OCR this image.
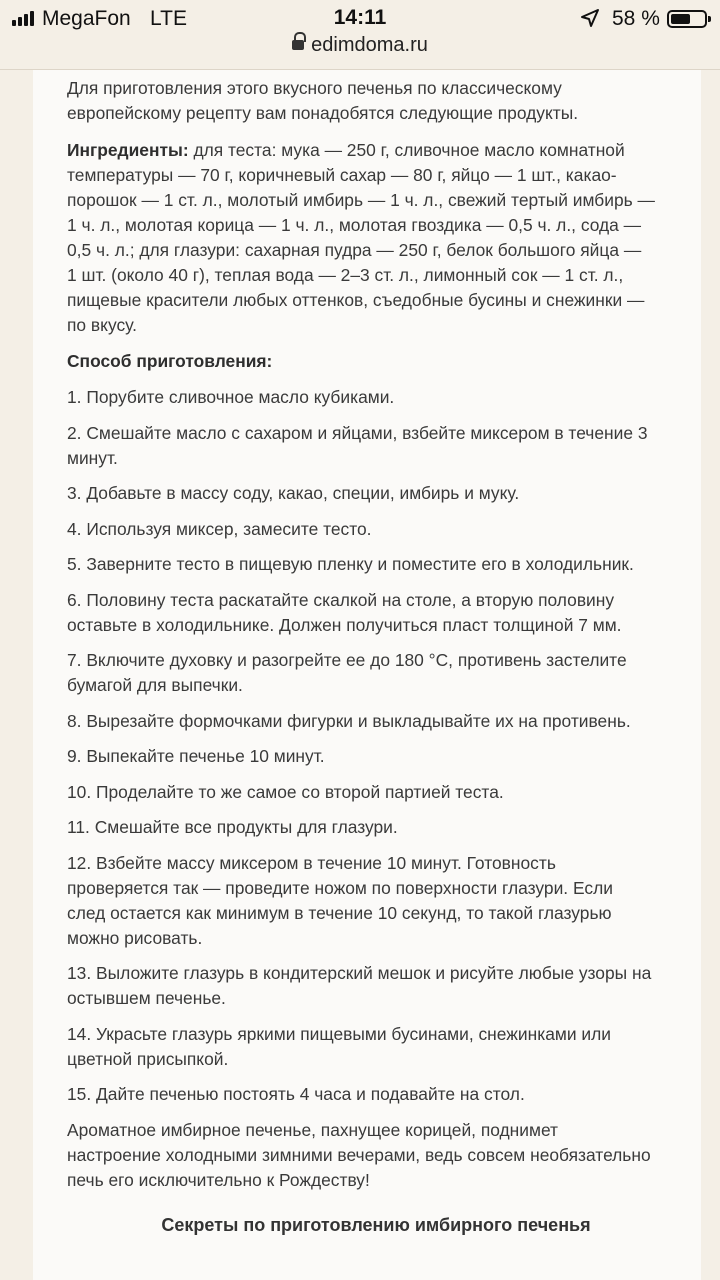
MegaFon LTE	14:11	58 %
edimdoma.ru

Для приготовления этого вкусного печенья по классическому европейскому рецепту вам понадобятся следующие продукты.

Ингредиенты: для теста: мука — 250 г, сливочное масло комнатной температуры — 70 г, коричневый сахар — 80 г, яйцо — 1 шт., какао-порошок — 1 ст. л., молотый имбирь — 1 ч. л., свежий тертый имбирь — 1 ч. л., молотая корица — 1 ч. л., молотая гвоздика — 0,5 ч. л., сода — 0,5 ч. л.; для глазури: сахарная пудра — 250 г, белок большого яйца — 1 шт. (около 40 г), теплая вода — 2–3 ст. л., лимонный сок — 1 ст. л., пищевые красители любых оттенков, съедобные бусины и снежинки — по вкусу.

Способ приготовления:

1. Порубите сливочное масло кубиками.

2. Смешайте масло с сахаром и яйцами, взбейте миксером в течение 3 минут.

3. Добавьте в массу соду, какао, специи, имбирь и муку.

4. Используя миксер, замесите тесто.

5. Заверните тесто в пищевую пленку и поместите его в холодильник.

6. Половину теста раскатайте скалкой на столе, а вторую половину оставьте в холодильнике. Должен получиться пласт толщиной 7 мм.

7. Включите духовку и разогрейте ее до 180 °C, противень застелите бумагой для выпечки.

8. Вырезайте формочками фигурки и выкладывайте их на противень.

9. Выпекайте печенье 10 минут.

10. Проделайте то же самое со второй партией теста.

11. Смешайте все продукты для глазури.

12. Взбейте массу миксером в течение 10 минут. Готовность проверяется так — проведите ножом по поверхности глазури. Если след остается как минимум в течение 10 секунд, то такой глазурью можно рисовать.

13. Выложите глазурь в кондитерский мешок и рисуйте любые узоры на остывшем печенье.

14. Украсьте глазурь яркими пищевыми бусинами, снежинками или цветной присыпкой.

15. Дайте печенью постоять 4 часа и подавайте на стол.

Ароматное имбирное печенье, пахнущее корицей, поднимет настроение холодными зимними вечерами, ведь совсем необязательно печь его исключительно к Рождеству!

Секреты по приготовлению имбирного печенья
